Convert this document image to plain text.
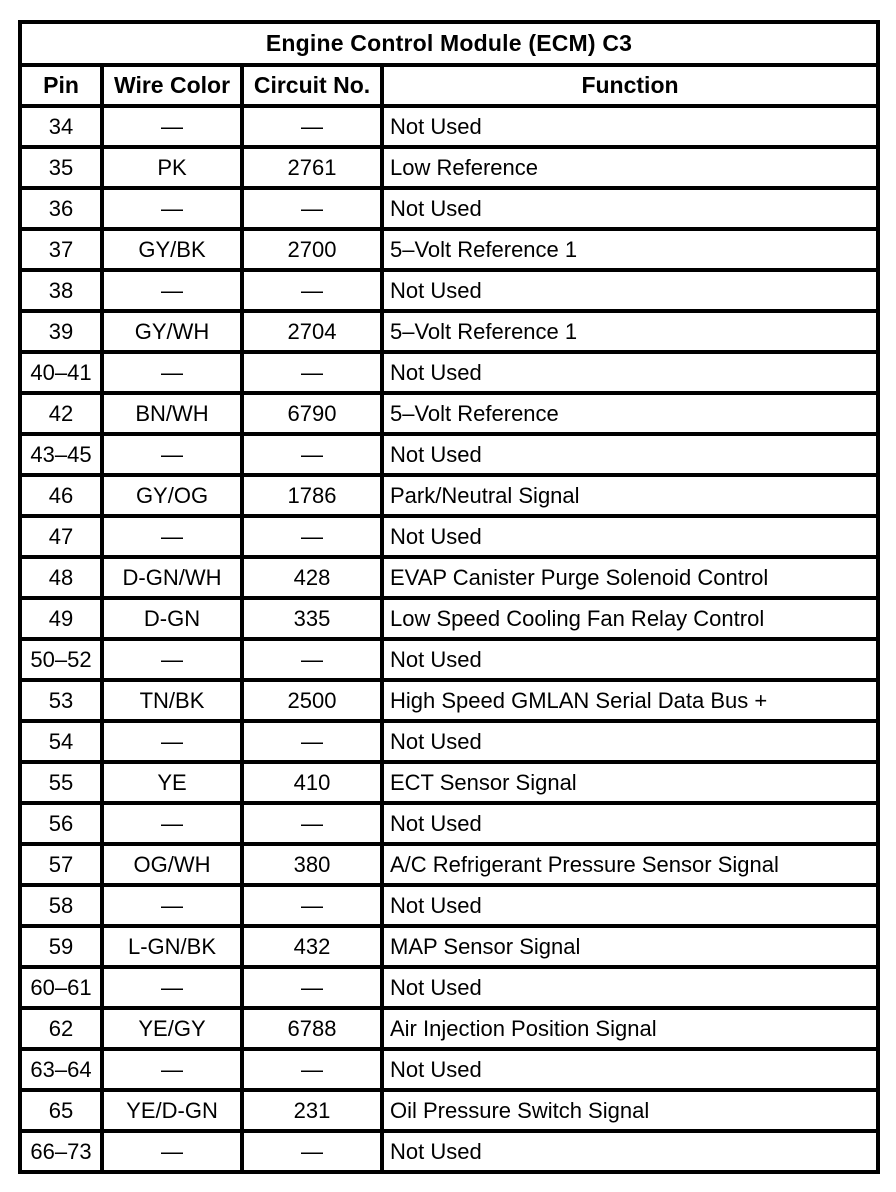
Engine Control Module (ECM) C3			
Pin	Wire Color	Circuit No.	Function
34	—	—	Not Used
35	PK	2761	Low Reference
36	—	—	Not Used
37	GY/BK	2700	5–Volt Reference 1
38	—	—	Not Used
39	GY/WH	2704	5–Volt Reference 1
40–41	—	—	Not Used
42	BN/WH	6790	5–Volt Reference
43–45	—	—	Not Used
46	GY/OG	1786	Park/Neutral Signal
47	—	—	Not Used
48	D-GN/WH	428	EVAP Canister Purge Solenoid Control
49	D-GN	335	Low Speed Cooling Fan Relay Control
50–52	—	—	Not Used
53	TN/BK	2500	High Speed GMLAN Serial Data Bus +
54	—	—	Not Used
55	YE	410	ECT Sensor Signal
56	—	—	Not Used
57	OG/WH	380	A/C Refrigerant Pressure Sensor Signal
58	—	—	Not Used
59	L-GN/BK	432	MAP Sensor Signal
60–61	—	—	Not Used
62	YE/GY	6788	Air Injection Position Signal
63–64	—	—	Not Used
65	YE/D-GN	231	Oil Pressure Switch Signal
66–73	—	—	Not Used
